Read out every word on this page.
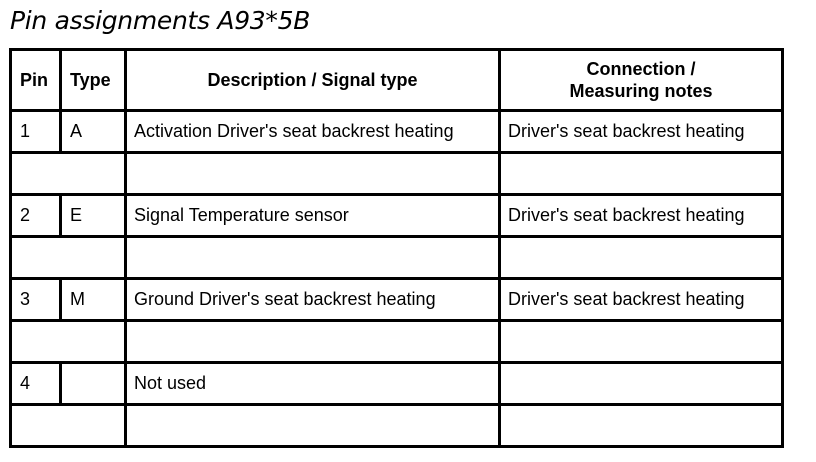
Pin assignments A93*5B
Pin	Type	Description / Signal type	Connection /
Measuring notes

1	A	Activation Driver's seat backrest heating	Driver's seat backrest heating

2	E	Signal Temperature sensor	Driver's seat backrest heating

3	M	Ground Driver's seat backrest heating	Driver's seat backrest heating

4		Not used	
